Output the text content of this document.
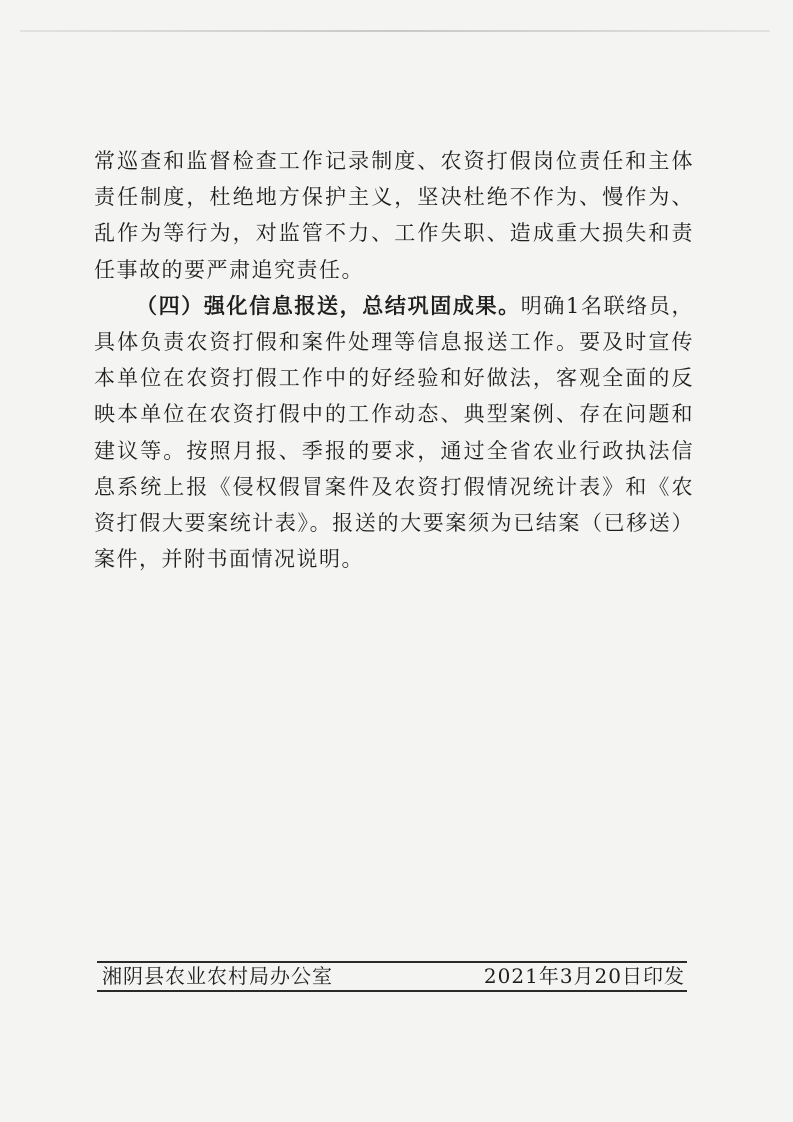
常巡查和监督检查工作记录制度、农资打假岗位责任和主体责任制度，杜绝地方保护主义，坚决杜绝不作为、慢作为、乱作为等行为，对监管不力、工作失职、造成重大损失和责任事故的要严肃追究责任。

（四）强化信息报送，总结巩固成果。明确1名联络员，具体负责农资打假和案件处理等信息报送工作。要及时宣传本单位在农资打假工作中的好经验和好做法，客观全面的反映本单位在农资打假中的工作动态、典型案例、存在问题和建议等。按照月报、季报的要求，通过全省农业行政执法信息系统上报《侵权假冒案件及农资打假情况统计表》和《农资打假大要案统计表》。报送的大要案须为已结案（已移送）案件，并附书面情况说明。

湘阴县农业农村局办公室	2021年3月20日印发
